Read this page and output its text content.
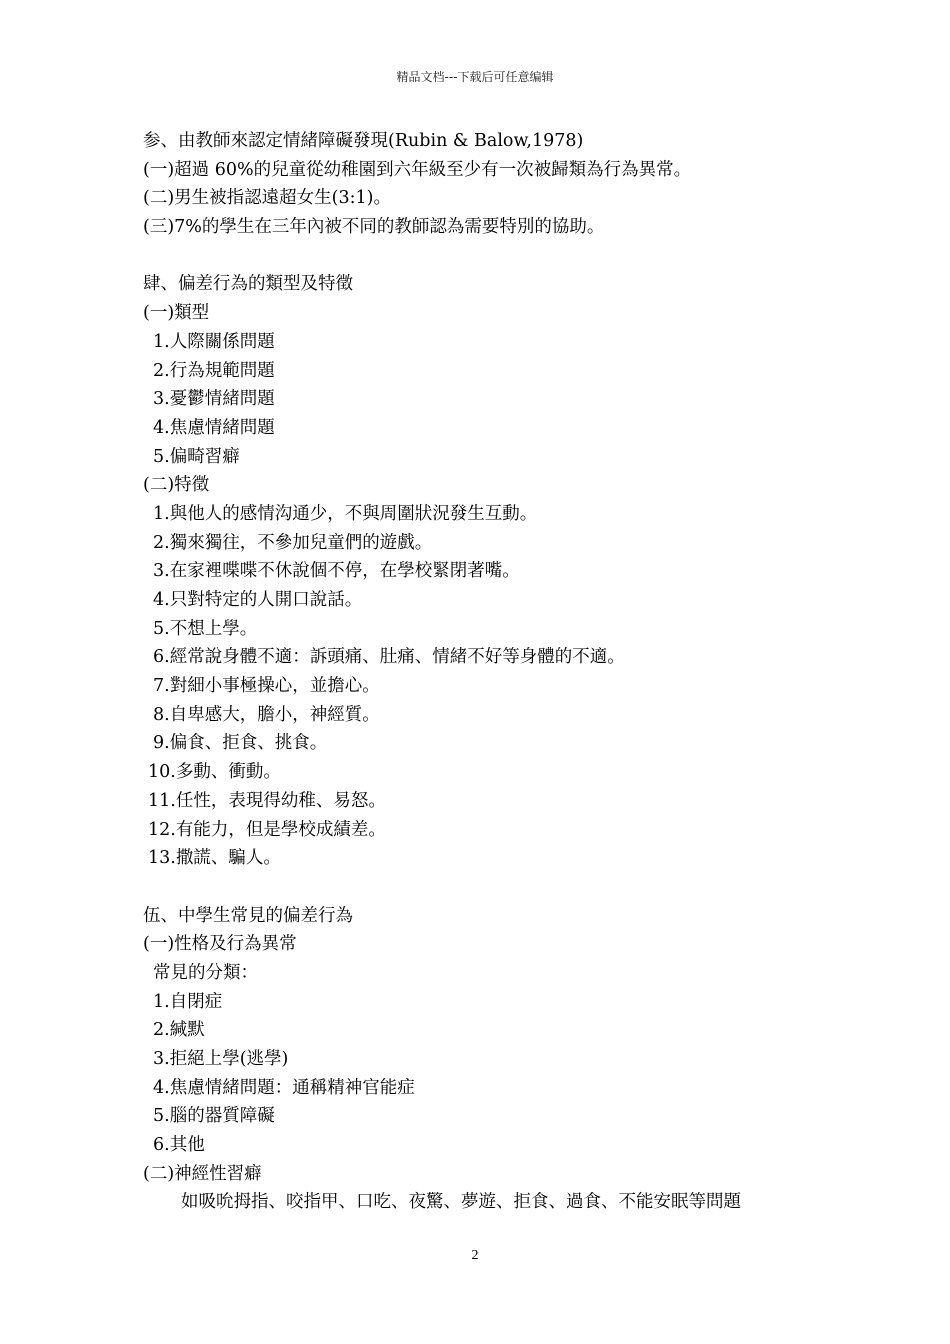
精品文档---下载后可任意编辑
参、由教師來認定情緒障礙發現(Rubin & Balow,1978)
(一)超過 60%的兒童從幼稚園到六年級至少有一次被歸類為行為異常。
(二)男生被指認遠超女生(3:1)。
(三)7%的學生在三年內被不同的教師認為需要特別的協助。
肆、偏差行為的類型及特徵
(一)類型
1.人際關係問題
2.行為規範問題
3.憂鬱情緒問題
4.焦慮情緒問題
5.偏畸習癖
(二)特徵
1.與他人的感情沟通少，不與周圍狀況發生互動。
2.獨來獨往，不參加兒童們的遊戲。
3.在家裡喋喋不休說個不停，在學校緊閉著嘴。
4.只對特定的人開口說話。
5.不想上學。
6.經常說身體不適：訴頭痛、肚痛、情緒不好等身體的不適。
7.對細小事極操心，並擔心。
8.自卑感大，膽小，神經質。
9.偏食、拒食、挑食。
10.多動、衝動。
11.任性，表現得幼稚、易怒。
12.有能力，但是學校成績差。
13.撒謊、騙人。
伍、中學生常見的偏差行為
(一)性格及行為異常
常見的分類：
1.自閉症
2.緘默
3.拒絕上學(逃學)
4.焦慮情緒問題：通稱精神官能症
5.腦的器質障礙
6.其他
(二)神經性習癖
如吸吮拇指、咬指甲、口吃、夜驚、夢遊、拒食、過食、不能安眠等問題
2
